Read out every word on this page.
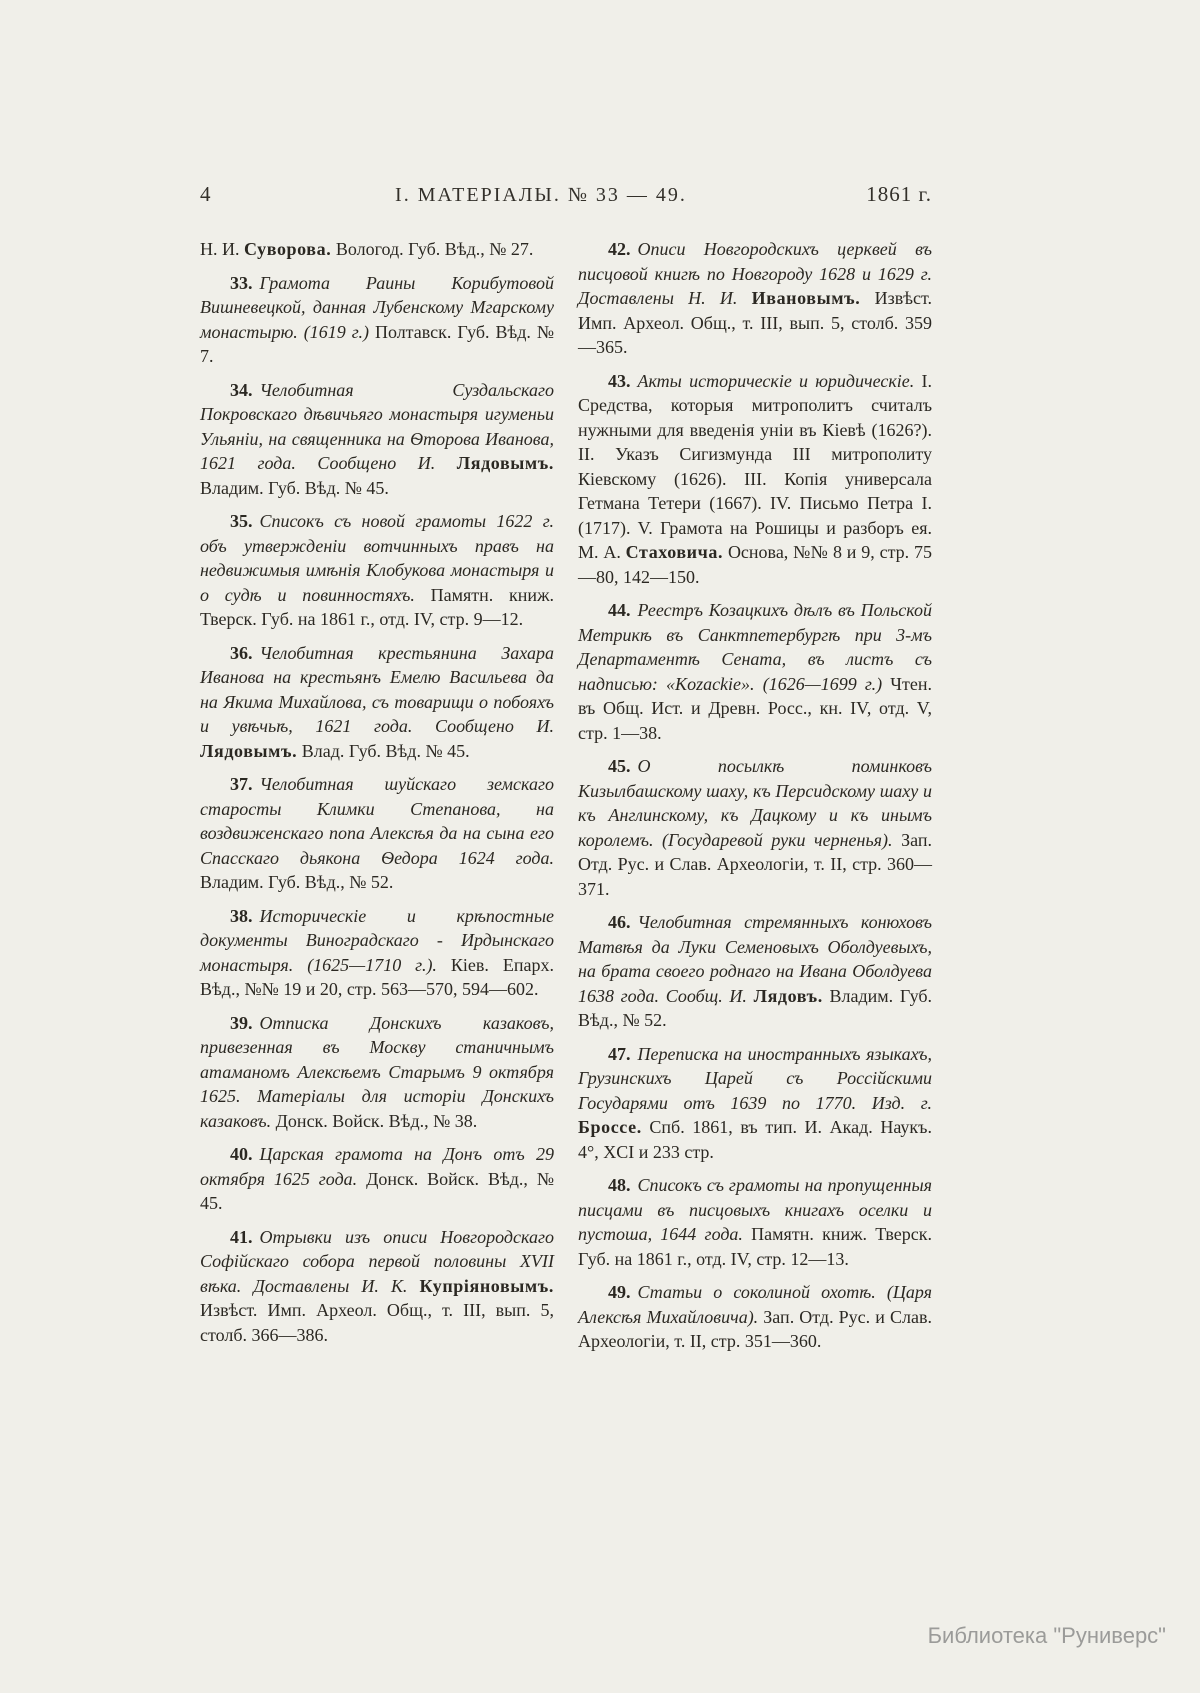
4	I. МАТЕРІАЛЫ. № 33 — 49.	1861 г.

Н. И. Суворова. Вологод. Губ. Вѣд., № 27.

33. Грамота Раины Корибутовой Вишневецкой, данная Лубенскому Мгарскому монастырю. (1619 г.) Полтавск. Губ. Вѣд. № 7.

34. Челобитная Суздальскаго Покровскаго дѣвичьяго монастыря игуменьи Ульяніи, на священника на Ѳторова Иванова, 1621 года. Сообщено И. Лядовымъ. Владим. Губ. Вѣд. № 45.

35. Списокъ съ новой грамоты 1622 г. объ утвержденіи вотчинныхъ правъ на недвижимыя имѣнія Клобукова монастыря и о судѣ и повинностяхъ. Памятн. книж. Тверск. Губ. на 1861 г., отд. IV, стр. 9—12.

36. Челобитная крестьянина Захара Иванова на крестьянъ Емелю Васильева да на Якима Михайлова, съ товарищи о побояхъ и увѣчьѣ, 1621 года. Сообщено И. Лядовымъ. Влад. Губ. Вѣд. № 45.

37. Челобитная шуйскаго земскаго старосты Климки Степанова, на воздвиженскаго попа Алексѣя да на сына его Спасскаго дьякона Ѳедора 1624 года. Владим. Губ. Вѣд., № 52.

38. Историческіе и крѣпостные документы Виноградскаго - Ирдынскаго монастыря. (1625—1710 г.). Кіев. Епарх. Вѣд., №№ 19 и 20, стр. 563—570, 594—602.

39. Отписка Донскихъ казаковъ, привезенная въ Москву станичнымъ атаманомъ Алексѣемъ Старымъ 9 октября 1625. Матеріалы для исторіи Донскихъ казаковъ. Донск. Войск. Вѣд., № 38.

40. Царская грамота на Донъ отъ 29 октября 1625 года. Донск. Войск. Вѣд., № 45.

41. Отрывки изъ описи Новгородскаго Софійскаго собора первой половины XVII вѣка. Доставлены И. К. Купріяновымъ. Извѣст. Имп. Археол. Общ., т. III, вып. 5, столб. 366—386.

42. Описи Новгородскихъ церквей въ писцовой книгѣ по Новгороду 1628 и 1629 г. Доставлены Н. И. Ивановымъ. Извѣст. Имп. Археол. Общ., т. III, вып. 5, столб. 359—365.

43. Акты историческіе и юридическіе. I. Средства, которыя митрополитъ считалъ нужными для введенія уніи въ Кіевѣ (1626?). II. Указъ Сигизмунда III митрополиту Кіевскому (1626). III. Копія универсала Гетмана Тетери (1667). IV. Письмо Петра I. (1717). V. Грамота на Рошицы и разборъ ея. М. А. Стаховича. Основа, №№ 8 и 9, стр. 75—80, 142—150.

44. Реестръ Козацкихъ дѣлъ въ Польской Метрикѣ въ Санктпетербургѣ при 3-мъ Департаментѣ Сената, въ листъ съ надписью: «Kozackie». (1626—1699 г.) Чтен. въ Общ. Ист. и Древн. Росс., кн. IV, отд. V, стр. 1—38.

45. О посылкѣ поминковъ Кизылбашскому шаху, къ Персидскому шаху и къ Англинскому, къ Дацкому и къ инымъ королемъ. (Государевой руки черненья). Зап. Отд. Рус. и Слав. Археологіи, т. II, стр. 360—371.

46. Челобитная стремянныхъ конюховъ Матвѣя да Луки Семеновыхъ Оболдуевыхъ, на брата своего роднаго на Ивана Оболдуева 1638 года. Сообщ. И. Лядовъ. Владим. Губ. Вѣд., № 52.

47. Переписка на иностранныхъ языкахъ, Грузинскихъ Царей съ Россійскими Государями отъ 1639 по 1770. Изд. г. Броссе. Спб. 1861, въ тип. И. Акад. Наукъ. 4°, XCI и 233 стр.

48. Списокъ съ грамоты на пропущенныя писцами въ писцовыхъ книгахъ оселки и пустоша, 1644 года. Памятн. книж. Тверск. Губ. на 1861 г., отд. IV, стр. 12—13.

49. Статьи о соколиной охотѣ. (Царя Алексѣя Михайловича). Зап. Отд. Рус. и Слав. Археологіи, т. II, стр. 351—360.

Библиотека "Руниверс"
